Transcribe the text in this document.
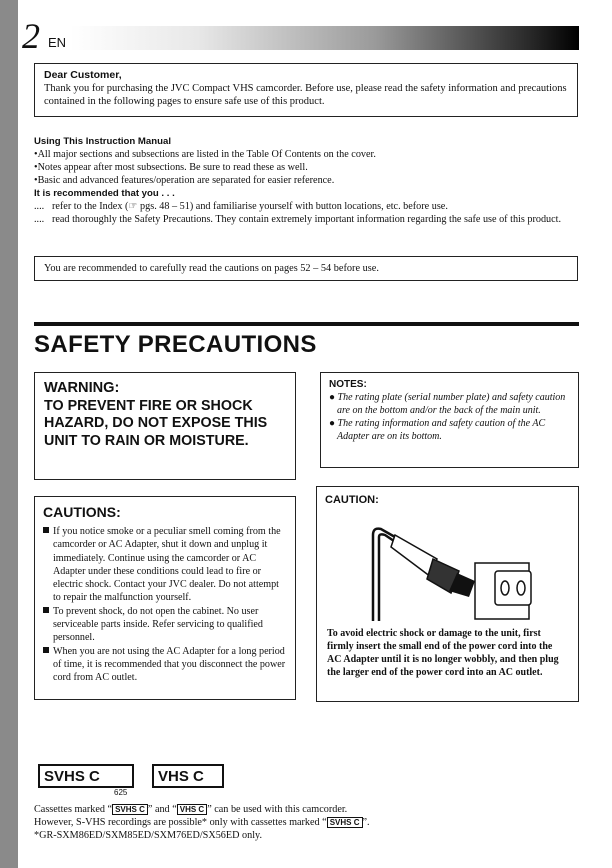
2 EN
Dear Customer,
Thank you for purchasing the JVC Compact VHS camcorder. Before use, please read the safety information and precautions contained in the following pages to ensure safe use of this product.
Using This Instruction Manual
•All major sections and subsections are listed in the Table Of Contents on the cover.
•Notes appear after most subsections. Be sure to read these as well.
•Basic and advanced features/operation are separated for easier reference.
It is recommended that you . . .
.... refer to the Index (☞ pgs. 48 – 51) and familiarise yourself with button locations, etc. before use.
.... read thoroughly the Safety Precautions. They contain extremely important information regarding the safe use of this product.
You are recommended to carefully read the cautions on pages 52 – 54 before use.
SAFETY PRECAUTIONS
WARNING:
TO PREVENT FIRE OR SHOCK HAZARD, DO NOT EXPOSE THIS UNIT TO RAIN OR MOISTURE.
NOTES:
● The rating plate (serial number plate) and safety caution are on the bottom and/or the back of the main unit.
● The rating information and safety caution of the AC Adapter are on its bottom.
CAUTIONS:
If you notice smoke or a peculiar smell coming from the camcorder or AC Adapter, shut it down and unplug it immediately. Continue using the camcorder or AC Adapter under these conditions could lead to fire or electric shock. Contact your JVC dealer. Do not attempt to repair the malfunction yourself.
To prevent shock, do not open the cabinet. No user serviceable parts inside. Refer servicing to qualified personnel.
When you are not using the AC Adapter for a long period of time, it is recommended that you disconnect the power cord from AC outlet.
CAUTION:
To avoid electric shock or damage to the unit, first firmly insert the small end of the power cord into the AC Adapter until it is no longer wobbly, and then plug the larger end of the power cord into an AC outlet.
SVHS C
625
VHS C
Cassettes marked “ SVHS C ” and “ VHS C ” can be used with this camcorder.
However, S-VHS recordings are possible* only with cassettes marked “ SVHS C ”.
*GR-SXM86ED/SXM85ED/SXM76ED/SX56ED only.
